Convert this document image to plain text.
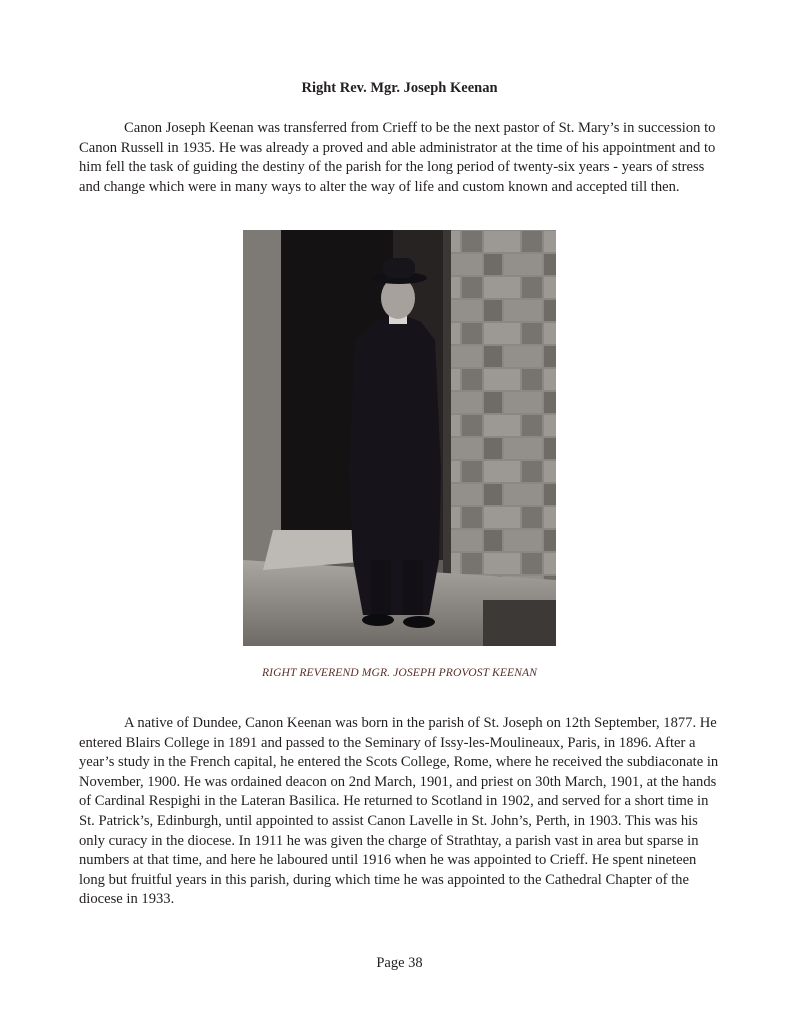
Right Rev. Mgr. Joseph Keenan

Canon Joseph Keenan was transferred from Crieff to be the next pastor of St. Mary’s in succession to Canon Russell in 1935. He was already a proved and able administrator at the time of his appointment and to him fell the task of guiding the destiny of the parish for the long period of twenty-six years - years of stress and change which were in many ways to alter the way of life and custom known and accepted till then.

RIGHT REVEREND MGR. JOSEPH PROVOST KEENAN

A native of Dundee, Canon Keenan was born in the parish of St. Joseph on 12th September, 1877. He entered Blairs College in 1891 and passed to the Seminary of Issy-les-Moulineaux, Paris, in 1896. After a year’s study in the French capital, he entered the Scots College, Rome, where he received the subdiaconate in November, 1900. He was ordained deacon on 2nd March, 1901, and priest on 30th March, 1901, at the hands of Cardinal Respighi in the Lateran Basilica. He returned to Scotland in 1902, and served for a short time in St. Patrick’s, Edinburgh, until appointed to assist Canon Lavelle in St. John’s, Perth, in 1903. This was his only curacy in the diocese. In 1911 he was given the charge of Strathtay, a parish vast in area but sparse in numbers at that time, and here he laboured until 1916 when he was appointed to Crieff. He spent nineteen long but fruitful years in this parish, during which time he was appointed to the Cathedral Chapter of the diocese in 1933.

Page 38
